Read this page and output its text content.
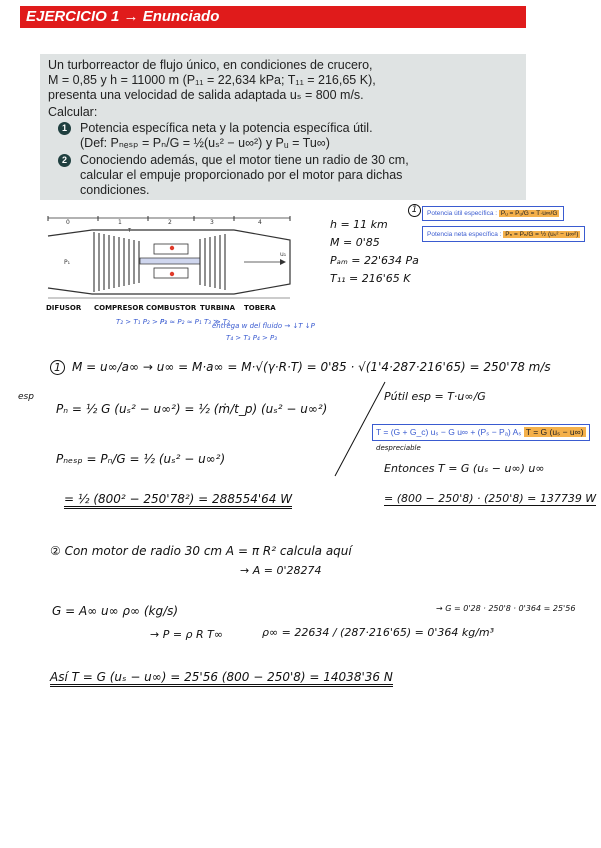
EJERCICIO 1 → Enunciado

Un turborreactor de flujo único, en condiciones de crucero,

M = 0,85 y h = 11000 m (P₁₁ = 22,634 kPa; T₁₁ = 216,65 K),

presenta una velocidad de salida adaptada uₛ = 800 m/s.

Calcular:

1	Potencia específica neta y la potencia específica útil.
(Def: Pₙₑₛₚ = Pₙ/G = ½(uₛ² − u∞²) y Pᵤ = Tu∞)
2	Conociendo además, que el motor tiene un radio de 30 cm,
calcular el empuje proporcionado por el motor para dichas
condiciones.
0	1	2	3	4
u₁
P₁
T
DIFUSOR COMPRESOR COMBUSTOR TURBINA TOBERA
T₂ > T₁ P₂ > P₁
P₃ ≈ P₂ ≈ P₁ T₃ ≫ T₂
entrega w del fluido → ↓T ↓P
T₄ > T₃ P₄ > P₃
h = 11 km
M = 0'85
Pₐₘ = 22'634 Pa
T₁₁ = 216'65 K
1	Potencia útil específica : Pᵤ = Pᵤ/G = T·u∞/G
Potencia neta específica : Pₙ = Pₙ/G = ½ (uₛ² − u∞²)
1 M = u∞/a∞ → u∞ = M·a∞ = M·√(γ·R·T) = 0'85 · √(1'4·287·216'65) = 250'78 m/s
esp
Pₙ = ½ G (uₛ² − u∞²) = ½ (ṁ/t_p) (uₛ² − u∞²)
Pₙₑₛₚ = Pₙ/G = ½ (uₛ² − u∞²)
= ½ (800² − 250'78²) = 288554'64 W
Pútil esp = T·u∞/G
T = (G + G_c) uₛ − G u∞ + (Pₛ − Pₐ) Aₛ T = G (uₛ − u∞)
despreciable
Entonces T = G (uₛ − u∞) u∞
= (800 − 250'8) · (250'8) = 137739 W
② Con motor de radio 30 cm A = π R² calcula aquí
→ A = 0'28274
G = A∞ u∞ ρ∞ (kg/s)
→ P = ρ R T∞	ρ∞ = 22634 / (287·216'65) = 0'364 kg/m³
→ G = 0'28 · 250'8 · 0'364 = 25'56
Así T = G (uₛ − u∞) = 25'56 (800 − 250'8) = 14038'36 N
